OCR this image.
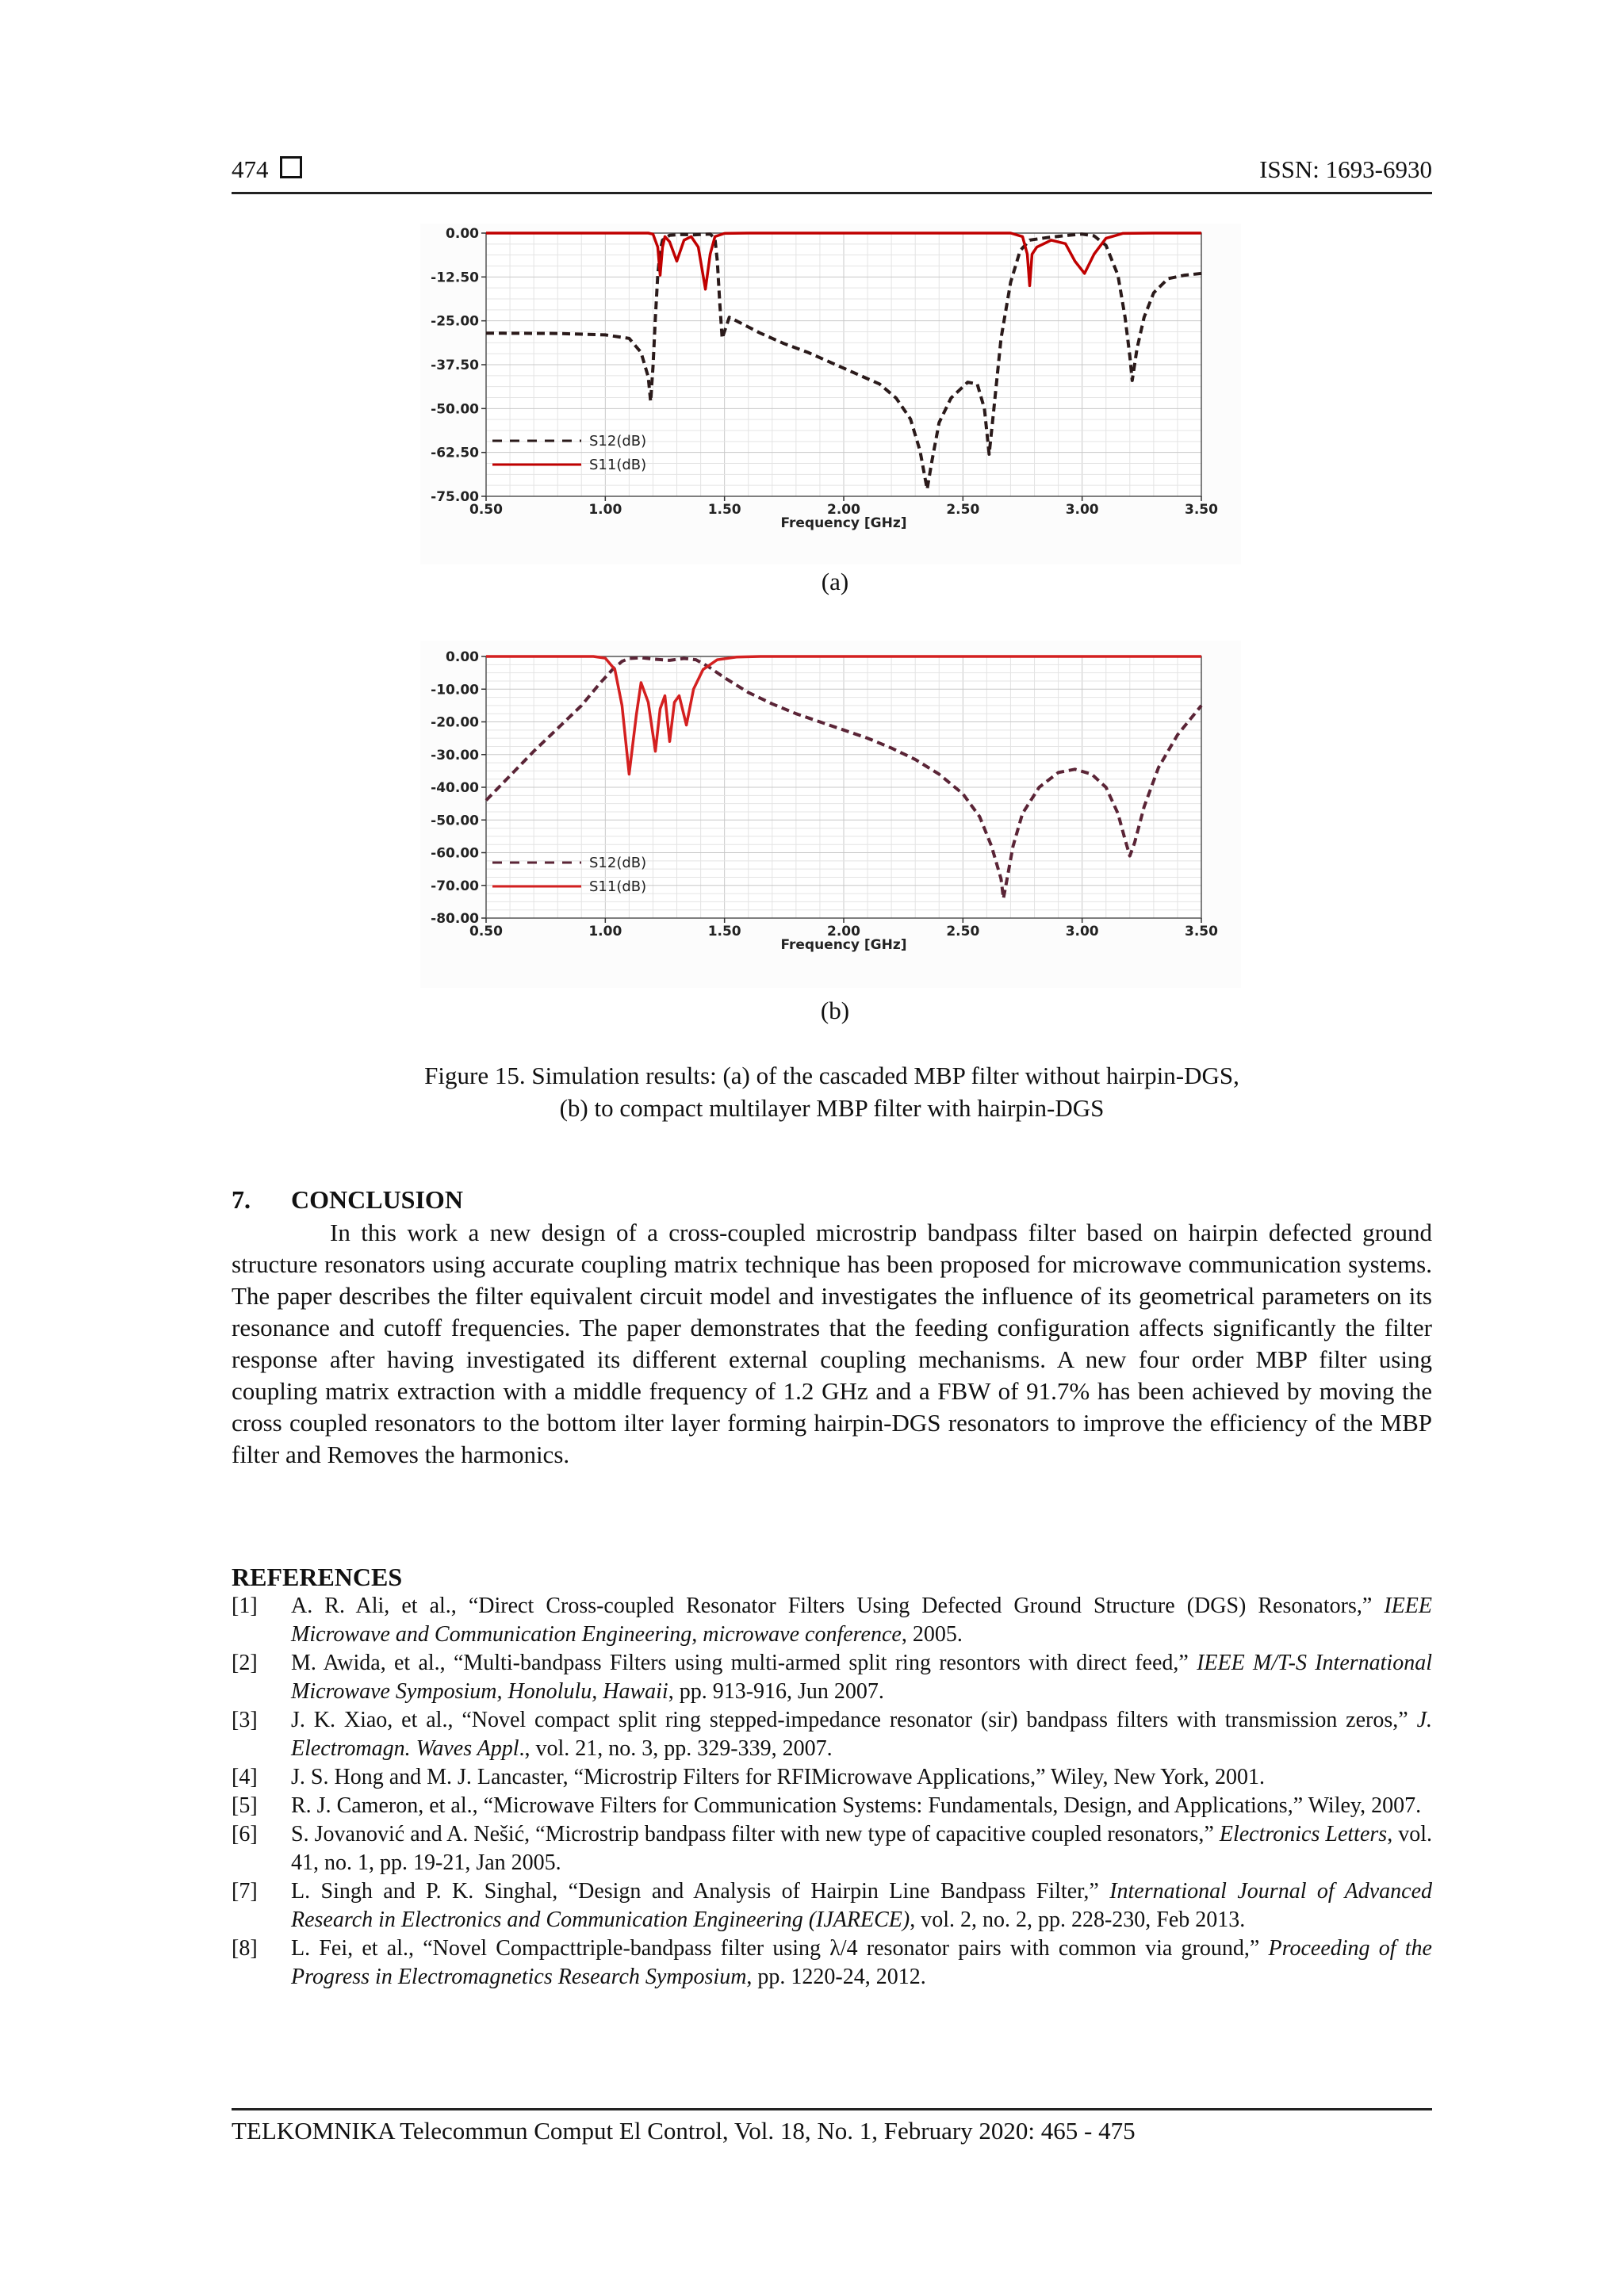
474	ISSN: 1693-6930
0.00
-12.50
-25.00
-37.50
-50.00
-62.50
-75.00
0.50	1.00	1.50	2.00	2.50	3.00	3.50
Frequency [GHz]
S12(dB)
S11(dB)
(a)
0.00
-10.00
-20.00
-30.00
-40.00
-50.00
-60.00
-70.00
-80.00
0.50	1.00	1.50	2.00	2.50	3.00	3.50
Frequency [GHz]
S12(dB)
S11(dB)
(b)
Figure 15. Simulation results: (a) of the cascaded MBP filter without hairpin-DGS,
(b) to compact multilayer MBP filter with hairpin-DGS
7. CONCLUSION

In this work a new design of a cross-coupled microstrip bandpass filter based on hairpin defected ground structure resonators using accurate coupling matrix technique has been proposed for microwave communication systems. The paper describes the filter equivalent circuit model and investigates the influence of its geometrical parameters on its resonance and cutoff frequencies. The paper demonstrates that the feeding configuration affects significantly the filter response after having investigated its different external coupling mechanisms. A new four order MBP filter using coupling matrix extraction with a middle frequency of 1.2 GHz and a FBW of 91.7% has been achieved by moving the cross coupled resonators to the bottom ilter layer forming hairpin-DGS resonators to improve the efficiency of the MBP filter and Removes the harmonics.

REFERENCES
[1] A. R. Ali, et al., “Direct Cross-coupled Resonator Filters Using Defected Ground Structure (DGS) Resonators,” IEEE Microwave and Communication Engineering, microwave conference, 2005.
[2] M. Awida, et al., “Multi-bandpass Filters using multi-armed split ring resontors with direct feed,” IEEE M/T-S International Microwave Symposium, Honolulu, Hawaii, pp. 913-916, Jun 2007.
[3] J. K. Xiao, et al., “Novel compact split ring stepped-impedance resonator (sir) bandpass filters with transmission zeros,” J. Electromagn. Waves Appl., vol. 21, no. 3, pp. 329-339, 2007.
[4] J. S. Hong and M. J. Lancaster, “Microstrip Filters for RFIMicrowave Applications,” Wiley, New York, 2001.
[5] R. J. Cameron, et al., “Microwave Filters for Communication Systems: Fundamentals, Design, and Applications,” Wiley, 2007.
[6] S. Jovanović and A. Nešić, “Microstrip bandpass filter with new type of capacitive coupled resonators,” Electronics Letters, vol. 41, no. 1, pp. 19-21, Jan 2005.
[7] L. Singh and P. K. Singhal, “Design and Analysis of Hairpin Line Bandpass Filter,” International Journal of Advanced Research in Electronics and Communication Engineering (IJARECE), vol. 2, no. 2, pp. 228-230, Feb 2013.
[8] L. Fei, et al., “Novel Compacttriple-bandpass filter using λ/4 resonator pairs with common via ground,” Proceeding of the Progress in Electromagnetics Research Symposium, pp. 1220-24, 2012.
TELKOMNIKA Telecommun Comput El Control, Vol. 18, No. 1, February 2020: 465 - 475
